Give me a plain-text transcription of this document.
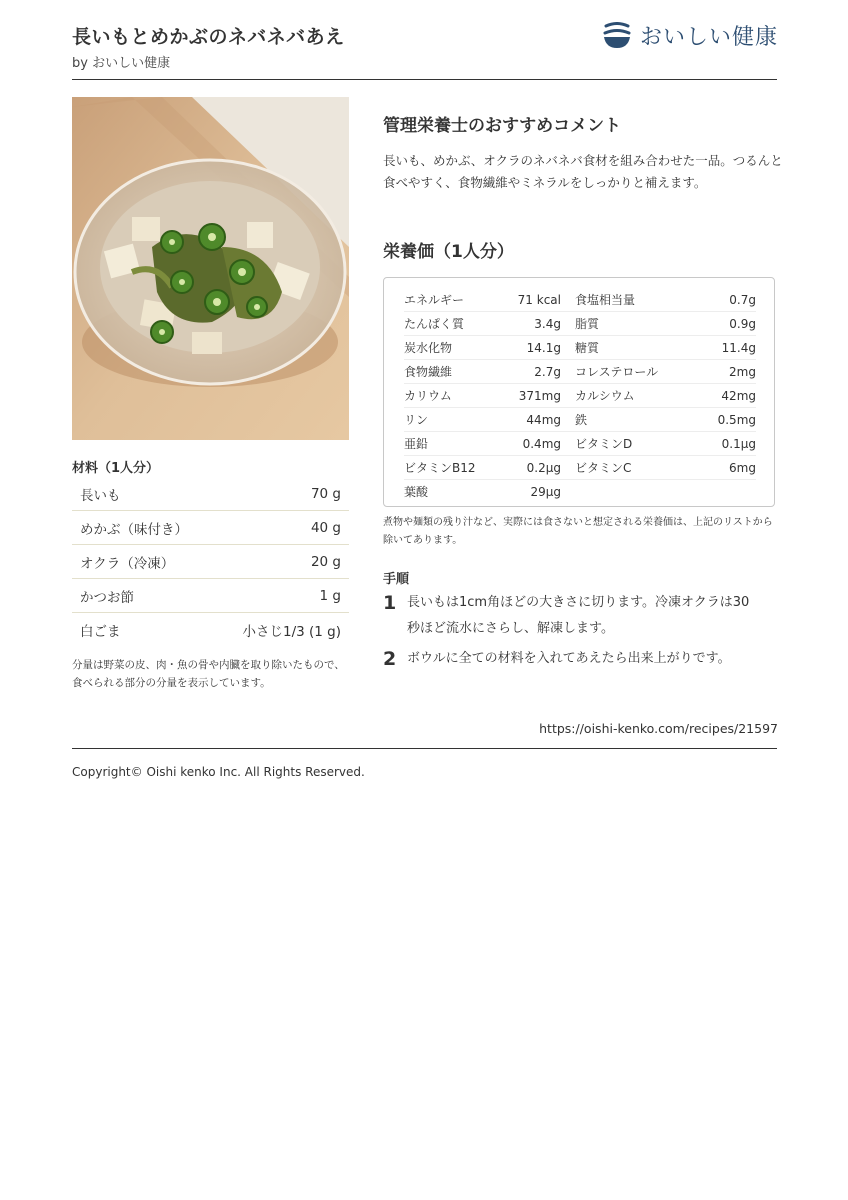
長いもとめかぶのネバネバあえ
by おいしい健康
おいしい健康
材料（1人分）
長いも	70 g
めかぶ（味付き）	40 g
オクラ（冷凍）	20 g
かつお節	1 g
白ごま	小さじ1/3 (1 g)
分量は野菜の皮、肉・魚の骨や内臓を取り除いたもので、 食べられる部分の分量を表示しています。
管理栄養士のおすすめコメント
長いも、めかぶ、オクラのネバネバ食材を組み合わせた一品。つるんと食べやすく、食物繊維やミネラルをしっかりと補えます。
栄養価（1人分）
エネルギー	71 kcal 食塩相当量	0.7g
たんぱく質	3.4g 脂質	0.9g
炭水化物	14.1g 糖質	11.4g
食物繊維	2.7g コレステロール	2mg
カリウム	371mg カルシウム	42mg
リン	44mg 鉄	0.5mg
亜鉛	0.4mg ビタミンD	0.1μg
ビタミンB12	0.2μg ビタミンC	6mg
葉酸	29μg
煮物や麺類の残り汁など、実際には食さないと想定される栄養価は、上記のリストから除いてあります。
手順
1 長いもは1cm角ほどの大きさに切ります。冷凍オクラは30秒ほど流水にさらし、解凍します。
2 ボウルに全ての材料を入れてあえたら出来上がりです。
https://oishi-kenko.com/recipes/21597
Copyright© Oishi kenko Inc. All Rights Reserved.
